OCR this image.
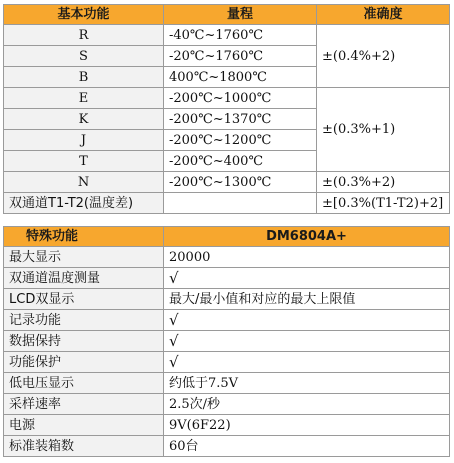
基本功能	量程	准确度
R	-40℃~1760℃	±(0.4%+2)
S	-20℃~1760℃	
B	400℃~1800℃	
E	-200℃~1000℃	±(0.3%+1)
K	-200℃~1370℃	
J	-200℃~1200℃	
T	-200℃~400℃	
N	-200℃~1300℃	±(0.3%+2)
双通道T1-T2(温度差)		±[0.3%(T1-T2)+2]
特殊功能	DM6804A+
最大显示	20000
双通道温度测量	√
LCD双显示	最大/最小值和对应的最大上限值
记录功能	√
数据保持	√
功能保护	√
低电压显示	约低于7.5V
采样速率	2.5次/秒
电源	9V(6F22)
标准装箱数	60台
